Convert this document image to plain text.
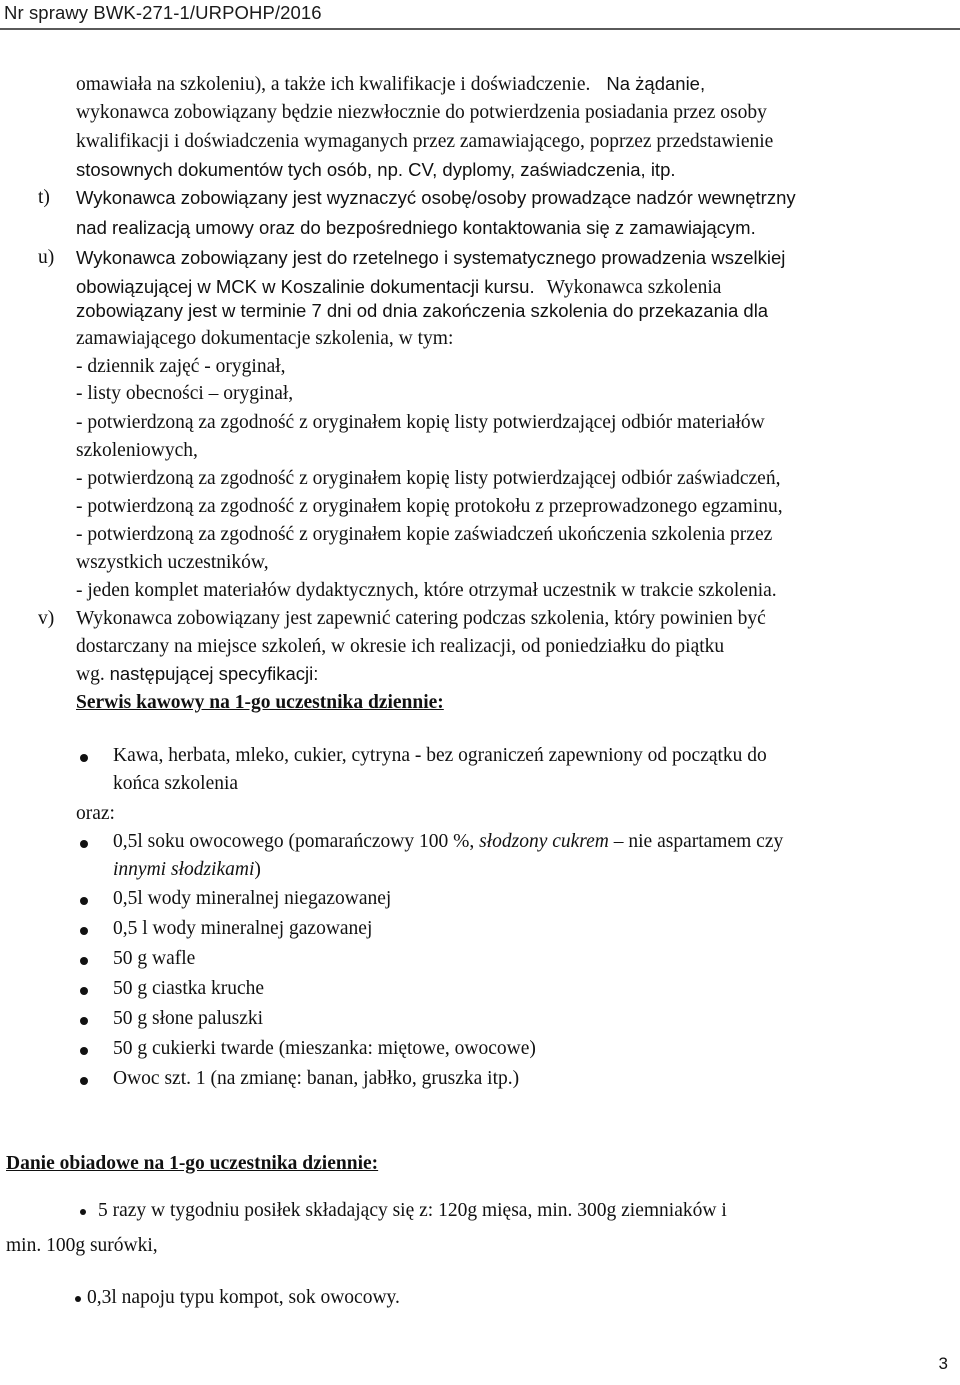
Nr sprawy BWK-271-1/URPOHP/2016
omawiała na szkoleniu), a także ich kwalifikacje i doświadczenie. Na żądanie,
wykonawca zobowiązany będzie niezwłocznie do potwierdzenia posiadania przez osoby
kwalifikacji i doświadczenia wymaganych przez zamawiającego, poprzez przedstawienie
stosownych dokumentów tych osób, np. CV, dyplomy, zaświadczenia, itp.
t) Wykonawca zobowiązany jest wyznaczyć osobę/osoby prowadzące nadzór wewnętrzny
nad realizacją umowy oraz do bezpośredniego kontaktowania się z zamawiającym.
u) Wykonawca zobowiązany jest do rzetelnego i systematycznego prowadzenia wszelkiej
obowiązującej w MCK w Koszalinie dokumentacji kursu. Wykonawca szkolenia
zobowiązany jest w terminie 7 dni od dnia zakończenia szkolenia do przekazania dla
zamawiającego dokumentacje szkolenia, w tym:
- dziennik zajęć - oryginał,
- listy obecności – oryginał,
- potwierdzoną za zgodność z oryginałem kopię listy potwierdzającej odbiór materiałów
szkoleniowych,
- potwierdzoną za zgodność z oryginałem kopię listy potwierdzającej odbiór zaświadczeń,
- potwierdzoną za zgodność z oryginałem kopię protokołu z przeprowadzonego egzaminu,
- potwierdzoną za zgodność z oryginałem kopie zaświadczeń ukończenia szkolenia przez
wszystkich uczestników,
- jeden komplet materiałów dydaktycznych, które otrzymał uczestnik w trakcie szkolenia.
v) Wykonawca zobowiązany jest zapewnić catering podczas szkolenia, który powinien być
dostarczany na miejsce szkoleń, w okresie ich realizacji, od poniedziałku do piątku
wg. następującej specyfikacji:
Serwis kawowy na 1-go uczestnika dziennie:
Kawa, herbata, mleko, cukier, cytryna - bez ograniczeń zapewniony od początku do
końca szkolenia
oraz:
0,5l soku owocowego (pomarańczowy 100 %, słodzony cukrem – nie aspartamem czy
innymi słodzikami)
0,5l wody mineralnej niegazowanej
0,5 l wody mineralnej gazowanej
50 g wafle
50 g ciastka kruche
50 g słone paluszki
50 g cukierki twarde (mieszanka: miętowe, owocowe)
Owoc szt. 1 (na zmianę: banan, jabłko, gruszka itp.)
Danie obiadowe na 1-go uczestnika dziennie:
5 razy w tygodniu posiłek składający się z: 120g mięsa, min. 300g ziemniaków i
min. 100g surówki,
0,3l napoju typu kompot, sok owocowy.
3
